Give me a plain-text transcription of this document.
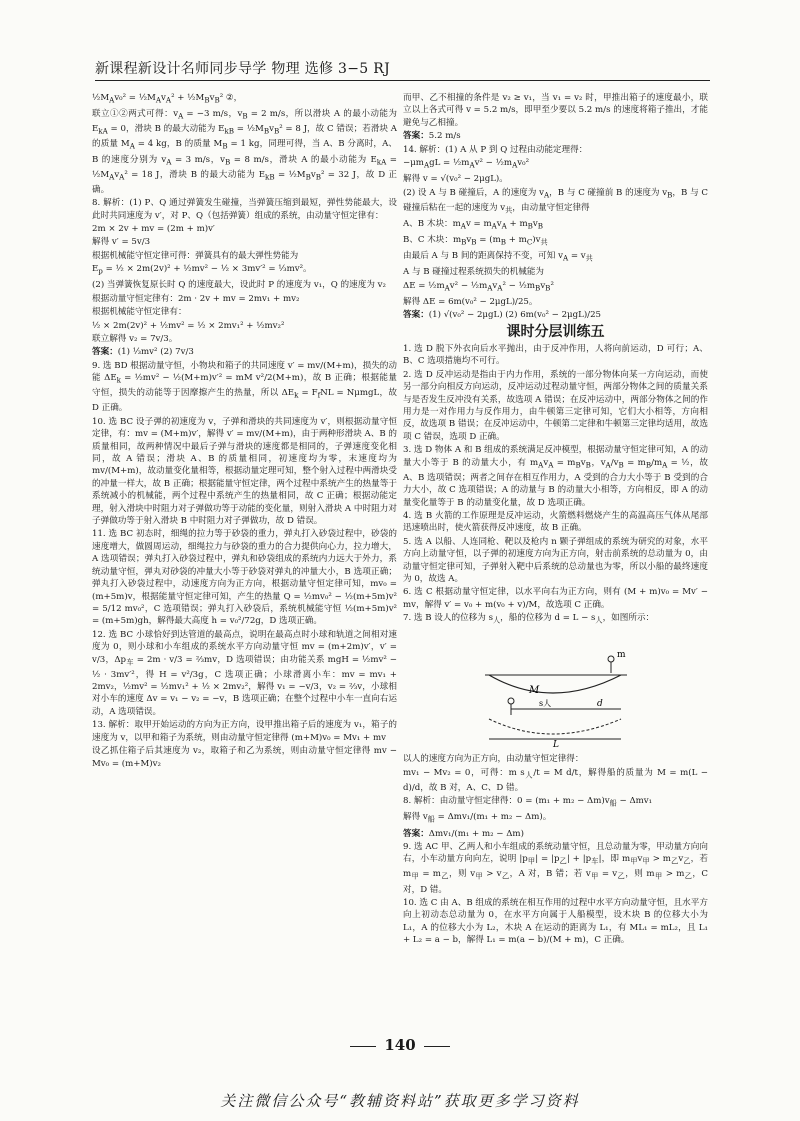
新课程新设计名师同步导学 物理 选修 3−5 RJ

$\frac{1}{2}M_Av_0^2$ = $\frac{1}{2}M_Av_A^2$ + $\frac{1}{2}M_Bv_B^2$ ②，

联立①②两式可得：$v_A = -3$ m/s，$v_B = 2$ m/s，所以滑块 A 的最小动能为 $E_{kA} = 0$，滑块 B 的最大动能为 $E_{kB}$ = $\frac{1}{2}M_Bv_B^2 = 8$ J，故 C 错误；若滑块 A 的质量 $M_A = 4$ kg，B 的质量 $M_B = 1$ kg，同理可得，当 A、B 分离时，A、B 的速度分别为 $v_A = 3$ m/s，$v_B = 8$ m/s，滑块 A 的最小动能为 $E_{kA}$ = $\frac{1}{2}M_Av_A^2 = 18$ J，滑块 B 的最大动能为 $E_{kB}$ = $\frac{1}{2}M_Bv_B^2 = 32$ J，故 D 正确。

8. 解析：(1) P、Q 通过弹簧发生碰撞，当弹簧压缩到最短，弹性势能最大，设此时共同速度为 v′，对 P、Q（包括弹簧）组成的系统，由动量守恒定律有：

2m × 2v + mv = (2m + m)v′

解得 v′ = 5v/3

根据机械能守恒定律可得：弹簧具有的最大弹性势能为

$E_p$ = ½ × 2m(2v)² + ½mv² − ½ × 3mv′² = ⅓mv²。

(2) 当弹簧恢复原长时 Q 的速度最大，设此时 P 的速度为 v₁，Q 的速度为 v₂

根据动量守恒定律有：2m · 2v + mv = 2mv₁ + mv₂

根据机械能守恒定律有：

½ × 2m(2v)² + ½mv² = ½ × 2mv₁² + ½mv₂²

联立解得 v₂ = 7v/3。

答案：(1) ⅓mv² (2) 7v/3

9. 选 BD 根据动量守恒，小物块和箱子的共同速度 v′ = mv/(M+m)，损失的动能 $\Delta E_k$ = ½mv² − ½(M+m)v′² = mM v²/2(M+m)，故 B 正确；根据能量守恒，损失的动能等于因摩擦产生的热量，所以 $\Delta E_k = F_fNL = N\mu mgL$，故 D 正确。

10. 选 BC 设子弹的初速度为 v，子弹和滑块的共同速度为 v′，则根据动量守恒定律，有：mv = (M+m)v′，解得 v′ = mv/(M+m)，由于两种形滑块 A、B 的质量相同，故两种情况中最后子弹与滑块的速度都是相同的，子弹速度变化相同，故 A 错误；滑块 A、B 的质量相同，初速度均为零，末速度均为 mv/(M+m)，故动量变化量相等，根据动量定理可知，整个射入过程中两滑块受的冲量一样大，故 B 正确；根据能量守恒定律，两个过程中系统产生的热量等于系统减小的机械能，两个过程中系统产生的热量相同，故 C 正确；根据动能定理，射入滑块中时阻力对子弹做功等于动能的变化量，则射入滑块 A 中时阻力对子弹做功等于射入滑块 B 中时阻力对子弹做功，故 D 错误。

11. 选 BC 初态时，细绳的拉力等于砂袋的重力，弹丸打入砂袋过程中，砂袋的速度增大，做圆周运动，细绳拉力与砂袋的重力的合力提供向心力，拉力增大，A 选项错误；弹丸打入砂袋过程中，弹丸和砂袋组成的系统内力远大于外力，系统动量守恒，弹丸对砂袋的冲量大小等于砂袋对弹丸的冲量大小，B 选项正确；弹丸打入砂袋过程中，动速度方向为正方向，根据动量守恒定律可知，mv₀ = (m+5m)v，根据能量守恒定律可知，产生的热量 Q = ½mv₀² − ½(m+5m)v² = 5/12 mv₀²，C 选项错误；弹丸打入砂袋后，系统机械能守恒 ½(m+5m)v² = (m+5m)gh，解得最大高度 h = v₀²/72g，D 选项正确。

12. 选 BC 小球恰好到达管道的最高点，说明在最高点时小球和轨道之间相对速度为 0，则小球和小车组成的系统水平方向动量守恒 mv = (m+2m)v′，v′ = v/3，$\Delta p_车 = 2m \cdot v/3$ = ⅔mv，D 选项错误；由功能关系 mgH = ½mv² − ½ · 3mv′²，得 H = v²/3g，C 选项正确；小球滑离小车：mv = mv₁ + 2mv₂，½mv² = ½mv₁² + ½ × 2mv₂²，解得 v₁ = −v/3，v₂ = ⅔v，小球相对小车的速度 Δv = v₁ − v₂ = −v，B 选项正确；在整个过程中小车一直向右运动，A 选项错误。

13. 解析：取甲开始运动的方向为正方向，设甲推出箱子后的速度为 v₁，箱子的速度为 v，以甲和箱子为系统，则由动量守恒定律得 (m+M)v₀ = Mv₁ + mv

设乙抓住箱子后其速度为 v₂，取箱子和乙为系统，则由动量守恒定律得 mv − Mv₀ = (m+M)v₂

而甲、乙不相撞的条件是 v₂ ≥ v₁，当 v₁ = v₂ 时，甲推出箱子的速度最小，联立以上各式可得 v = 5.2 m/s，即甲至少要以 5.2 m/s 的速度将箱子推出，才能避免与乙相撞。

答案：5.2 m/s

14. 解析：(1) A 从 P 到 Q 过程由动能定理得：

$-\mu m_AgL$ = $\frac{1}{2}m_Av^2$ − $\frac{1}{2}m_Av_0^2$

解得 v = √(v₀² − 2μgL)。

(2) 设 A 与 B 碰撞后，A 的速度为 $v_A$，B 与 C 碰撞前 B 的速度为 $v_B$，B 与 C 碰撞后粘在一起的速度为 $v_共$，由动量守恒定律得

A、B 木块：$m_Av = m_Av_A + m_Bv_B$

B、C 木块：$m_Bv_B = (m_B + m_C)v_共$

由最后 A 与 B 间的距离保持不变，可知 $v_A = v_共$

A 与 B 碰撞过程系统损失的机械能为

$\Delta E = \frac{1}{2}m_Av^2$ − $\frac{1}{2}m_Av_A^2$ − $\frac{1}{2}m_Bv_B^2$

解得 ΔE = 6m(v₀² − 2μgL)/25。

答案：(1) √(v₀² − 2μgL) (2) 6m(v₀² − 2μgL)/25

课时分层训练五

1. 选 D 脱下外衣向后水平抛出，由于反冲作用，人将向前运动，D 可行；A、B、C 选项措施均不可行。

2. 选 D 反冲运动是指由于内力作用，系统的一部分物体向某一方向运动，而使另一部分向相反方向运动，反冲运动过程动量守恒，两部分物体之间的质量关系与是否发生反冲没有关系，故选项 A 错误；在反冲运动中，两部分物体之间的作用力是一对作用力与反作用力，由牛顿第三定律可知，它们大小相等，方向相反，故选项 B 错误；在反冲运动中，牛顿第二定律和牛顿第三定律均适用，故选项 C 错误，选项 D 正确。

3. 选 D 物体 A 和 B 组成的系统满足反冲模型，根据动量守恒定律可知，A 的动量大小等于 B 的动量大小，有 $m_Av_A = m_Bv_B$，$v_A/v_B = m_B/m_A$ = ½，故 A、B 选项错误；两者之间存在相互作用力，A 受到的合力大小等于 B 受到的合力大小，故 C 选项错误；A 的动量与 B 的动量大小相等，方向相反，即 A 的动量变化量等于 B 的动量变化量，故 D 选项正确。

4. 选 B 火箭的工作原理是反冲运动，火箭燃料燃烧产生的高温高压气体从尾部迅速喷出时，使火箭获得反冲速度，故 B 正确。

5. 选 A 以船、人连同枪、靶以及枪内 n 颗子弹组成的系统为研究的对象，水平方向上动量守恒，以子弹的初速度方向为正方向，射击前系统的总动量为 0，由动量守恒定律可知，子弹射入靶中后系统的总动量也为零，所以小船的最终速度为 0，故选 A。

6. 选 C 根据动量守恒定律，以水平向右为正方向，则有 (M + m)v₀ = Mv′ − mv，解得 v′ = v₀ + m(v₀ + v)/M，故选项 C 正确。

7. 选 B 设人的位移为 $s_人$，船的位移为 $d = L - s_人$，如图所示：

m
M
s人	d
L

以人的速度方向为正方向，由动量守恒定律得：

mv₁ − Mv₂ = 0，可得：m $s_人/t = M$ d/t，解得船的质量为 M = m(L − d)/d，故 B 对，A、C、D 错。

8. 解析：由动量守恒定律得：$0 = (m_1 + m_2 - \Delta m)v_船 - \Delta mv_1$

解得 $v_船 = \Delta mv_1/(m_1 + m_2 - \Delta m)$。

答案：Δmv₁/(m₁ + m₂ − Δm)

9. 选 AC 甲、乙两人和小车组成的系统动量守恒，且总动量为零，甲动量方向向右，小车动量方向向左，说明 $|p_甲| = |p_乙| + |p_车|$，即 $m_甲v_甲 > m_乙v_乙$，若 $m_甲 = m_乙$，则 $v_甲 > v_乙$，A 对，B 错；若 $v_甲 = v_乙$，则 $m_甲 > m_乙$，C 对，D 错。

10. 选 C 由 A、B 组成的系统在相互作用的过程中水平方向动量守恒，且水平方向上初动态总动量为 0，在水平方向属于人船模型，设木块 B 的位移大小为 L₁，A 的位移大小为 L₂，木块 A 在运动的距离为 L₁，有 ML₁ = mL₂，且 L₁ + L₂ = a − b，解得 L₁ = m(a − b)/(M + m)，C 正确。

140
关注微信公众号“教辅资料站”获取更多学习资料
